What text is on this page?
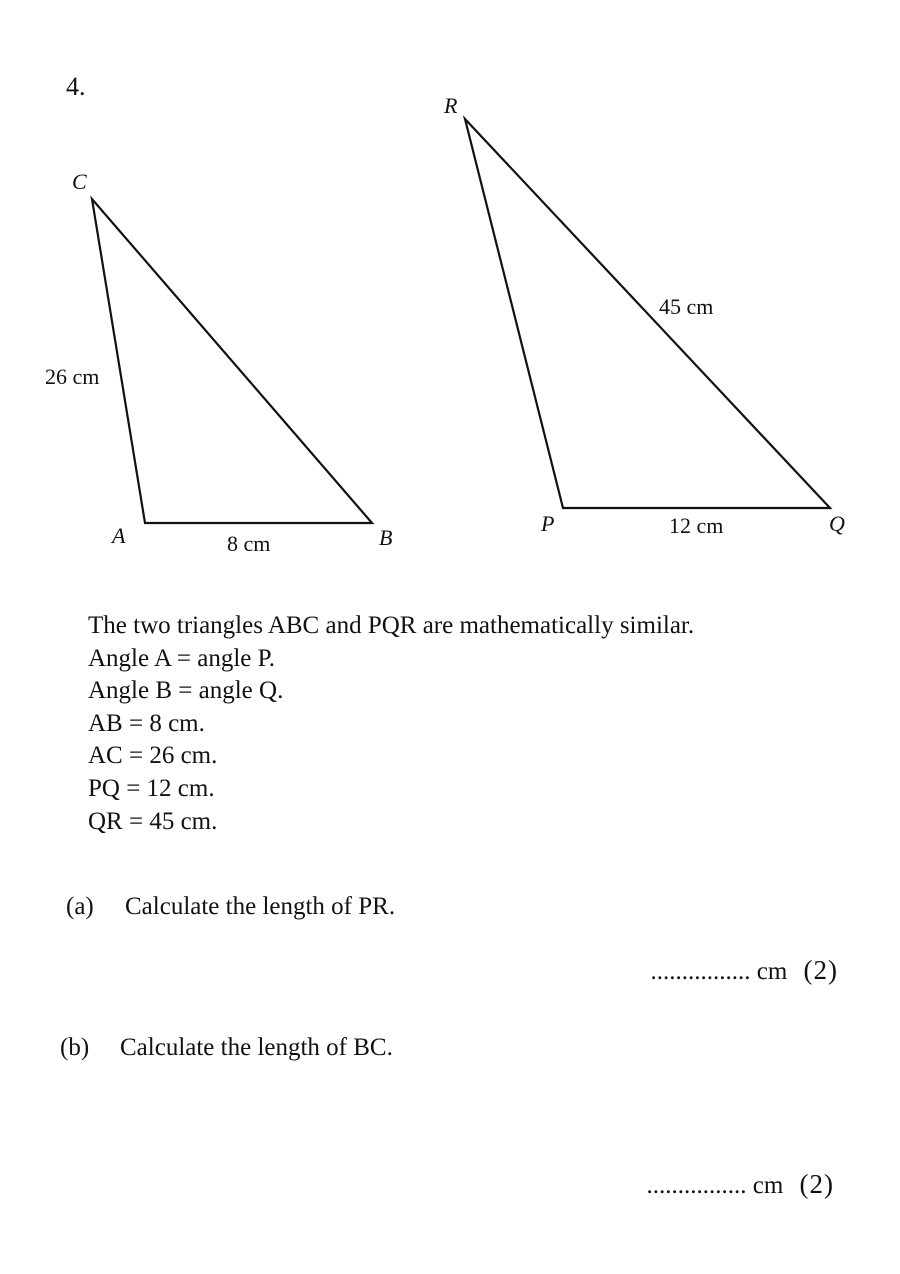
4.
A	B
C
26 cm
8 cm
P	Q
R
45 cm
12 cm
The two triangles ABC and PQR are mathematically similar.
Angle A = angle P.
Angle B = angle Q.
AB = 8 cm.
AC = 26 cm.
PQ = 12 cm.
QR = 45 cm.
(a) Calculate the length of PR.
................ cm (2)
(b) Calculate the length of BC.
................ cm (2)
